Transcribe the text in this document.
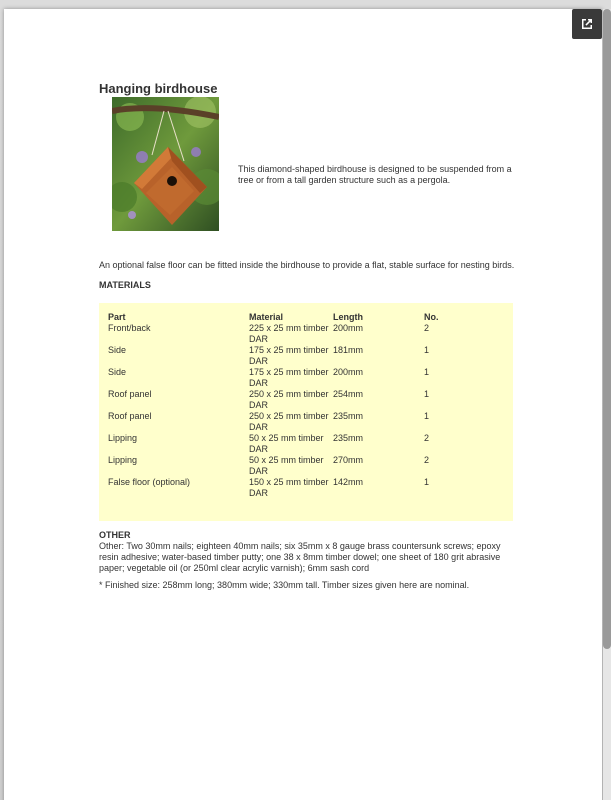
Hanging birdhouse

This diamond-shaped birdhouse is designed to be suspended from a tree or from a tall garden structure such as a pergola.

An optional false floor can be fitted inside the birdhouse to provide a flat, stable surface for nesting birds.

MATERIALS

Part	Material	Length	No.
Front/back	225 x 25 mm timber DAR	200mm	2
Side	175 x 25 mm timber DAR	181mm	1
Side	175 x 25 mm timber DAR	200mm	1
Roof panel	250 x 25 mm timber DAR	254mm	1
Roof panel	250 x 25 mm timber DAR	235mm	1
Lipping	50 x 25 mm timber DAR	235mm	2
Lipping	50 x 25 mm timber DAR	270mm	2
False floor (optional)	150 x 25 mm timber DAR	142mm	1

OTHER

Other: Two 30mm nails; eighteen 40mm nails; six 35mm x 8 gauge brass countersunk screws; epoxy resin adhesive; water-based timber putty; one 38 x 8mm timber dowel; one sheet of 180 grit abrasive paper; vegetable oil (or 250ml clear acrylic varnish); 6mm sash cord

* Finished size: 258mm long; 380mm wide; 330mm tall. Timber sizes given here are nominal.
